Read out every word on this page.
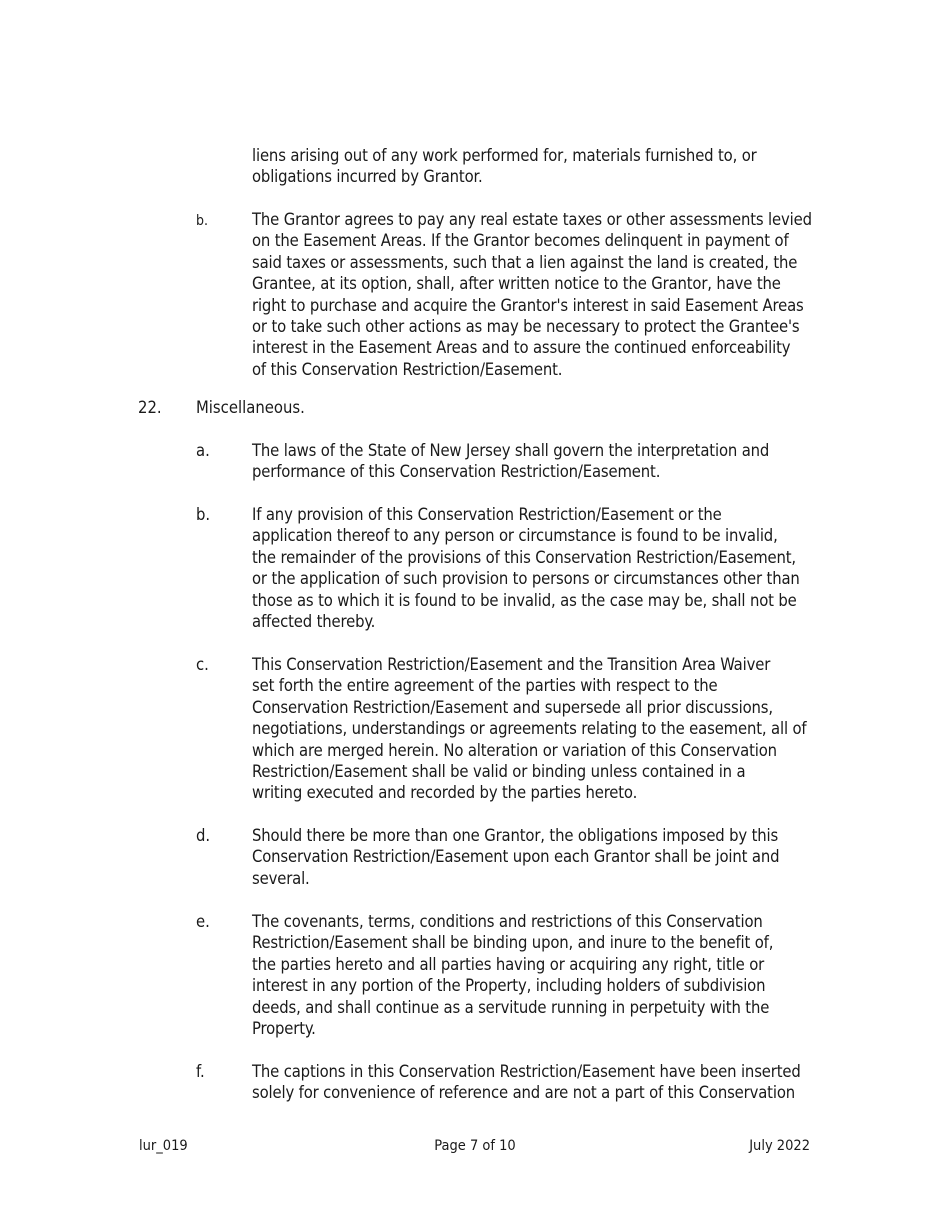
liens arising out of any work performed for, materials furnished to, or
obligations incurred by Grantor.
b.	The Grantor agrees to pay any real estate taxes or other assessments levied
on the Easement Areas. If the Grantor becomes delinquent in payment of
said taxes or assessments, such that a lien against the land is created, the
Grantee, at its option, shall, after written notice to the Grantor, have the
right to purchase and acquire the Grantor's interest in said Easement Areas
or to take such other actions as may be necessary to protect the Grantee's
interest in the Easement Areas and to assure the continued enforceability
of this Conservation Restriction/Easement.
22. Miscellaneous.
a.	The laws of the State of New Jersey shall govern the interpretation and
performance of this Conservation Restriction/Easement.
b.	If any provision of this Conservation Restriction/Easement or the
application thereof to any person or circumstance is found to be invalid,
the remainder of the provisions of this Conservation Restriction/Easement,
or the application of such provision to persons or circumstances other than
those as to which it is found to be invalid, as the case may be, shall not be
affected thereby.
c.	This Conservation Restriction/Easement and the Transition Area Waiver
set forth the entire agreement of the parties with respect to the
Conservation Restriction/Easement and supersede all prior discussions,
negotiations, understandings or agreements relating to the easement, all of
which are merged herein. No alteration or variation of this Conservation
Restriction/Easement shall be valid or binding unless contained in a
writing executed and recorded by the parties hereto.
d.	Should there be more than one Grantor, the obligations imposed by this
Conservation Restriction/Easement upon each Grantor shall be joint and
several.
e.	The covenants, terms, conditions and restrictions of this Conservation
Restriction/Easement shall be binding upon, and inure to the benefit of,
the parties hereto and all parties having or acquiring any right, title or
interest in any portion of the Property, including holders of subdivision
deeds, and shall continue as a servitude running in perpetuity with the
Property.
f.	The captions in this Conservation Restriction/Easement have been inserted
solely for convenience of reference and are not a part of this Conservation
lur_019	Page 7 of 10	July 2022
